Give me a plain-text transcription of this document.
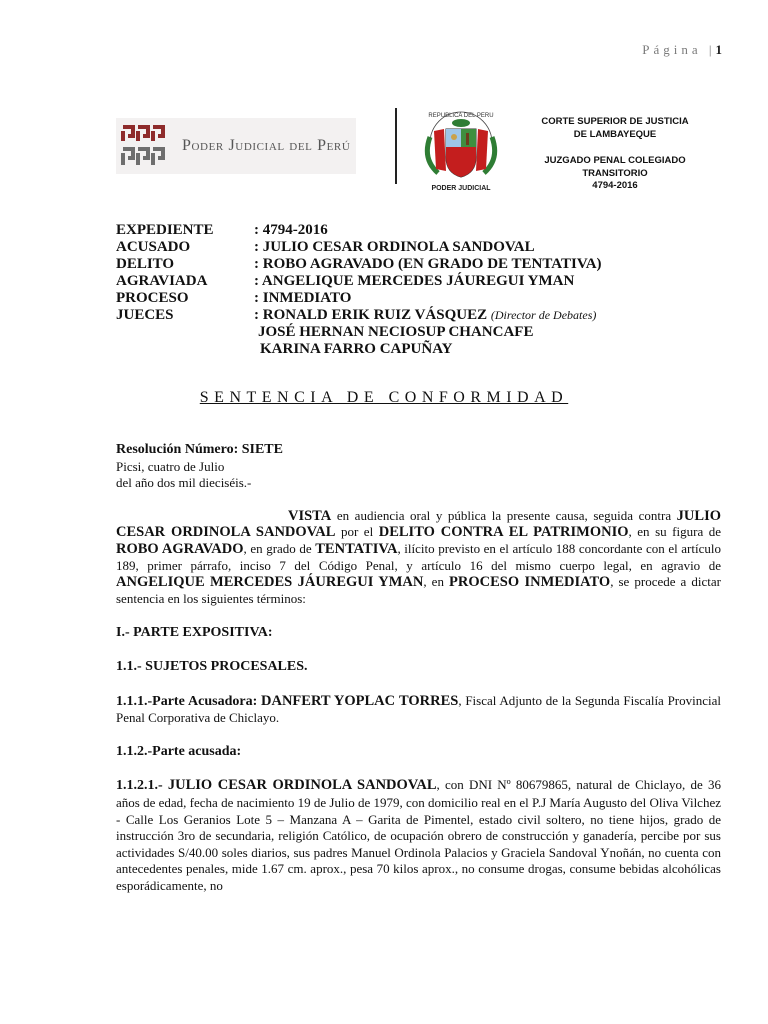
Página |1
Poder Judicial del Perú
REPUBLICA DEL PERU
PODER JUDICIAL
CORTE SUPERIOR DE JUSTICIA
DE LAMBAYEQUE
JUZGADO PENAL COLEGIADO
TRANSITORIO
4794-2016
EXPEDIENTE	: 4794-2016
ACUSADO	: JULIO CESAR ORDINOLA SANDOVAL
DELITO	: ROBO AGRAVADO (EN GRADO DE TENTATIVA)
AGRAVIADA	: ANGELIQUE MERCEDES JÁUREGUI YMAN
PROCESO	: INMEDIATO
JUECES	: RONALD ERIK RUIZ VÁSQUEZ (Director de Debates)
JOSÉ HERNAN NECIOSUP CHANCAFE
KARINA FARRO CAPUÑAY
SENTENCIA DE CONFORMIDAD

Resolución Número: SIETE

Picsi, cuatro de Julio

del año dos mil dieciséis.-

VISTA en audiencia oral y pública la presente causa, seguida contra JULIO CESAR ORDINOLA SANDOVAL por el DELITO CONTRA EL PATRIMONIO, en su figura de ROBO AGRAVADO, en grado de TENTATIVA, ilícito previsto en el artículo 188 concordante con el artículo 189, primer párrafo, inciso 7 del Código Penal, y artículo 16 del mismo cuerpo legal, en agravio de ANGELIQUE MERCEDES JÁUREGUI YMAN, en PROCESO INMEDIATO, se procede a dictar sentencia en los siguientes términos:

I.- PARTE EXPOSITIVA:

1.1.- SUJETOS PROCESALES.

1.1.1.-Parte Acusadora: DANFERT YOPLAC TORRES, Fiscal Adjunto de la Segunda Fiscalía Provincial Penal Corporativa de Chiclayo.

1.1.2.-Parte acusada:

1.1.2.1.- JULIO CESAR ORDINOLA SANDOVAL, con DNI Nº 80679865, natural de Chiclayo, de 36 años de edad, fecha de nacimiento 19 de Julio de 1979, con domicilio real en el P.J María Augusto del Oliva Vilchez - Calle Los Geranios Lote 5 – Manzana A – Garita de Pimentel, estado civil soltero, no tiene hijos, grado de instrucción 3ro de secundaria, religión Católico, de ocupación obrero de construcción y ganadería, percibe por sus actividades S/40.00 soles diarios, sus padres Manuel Ordinola Palacios y Graciela Sandoval Ynoñán, no cuenta con antecedentes penales, mide 1.67 cm. aprox., pesa 70 kilos aprox., no consume drogas, consume bebidas alcohólicas esporádicamente, no
